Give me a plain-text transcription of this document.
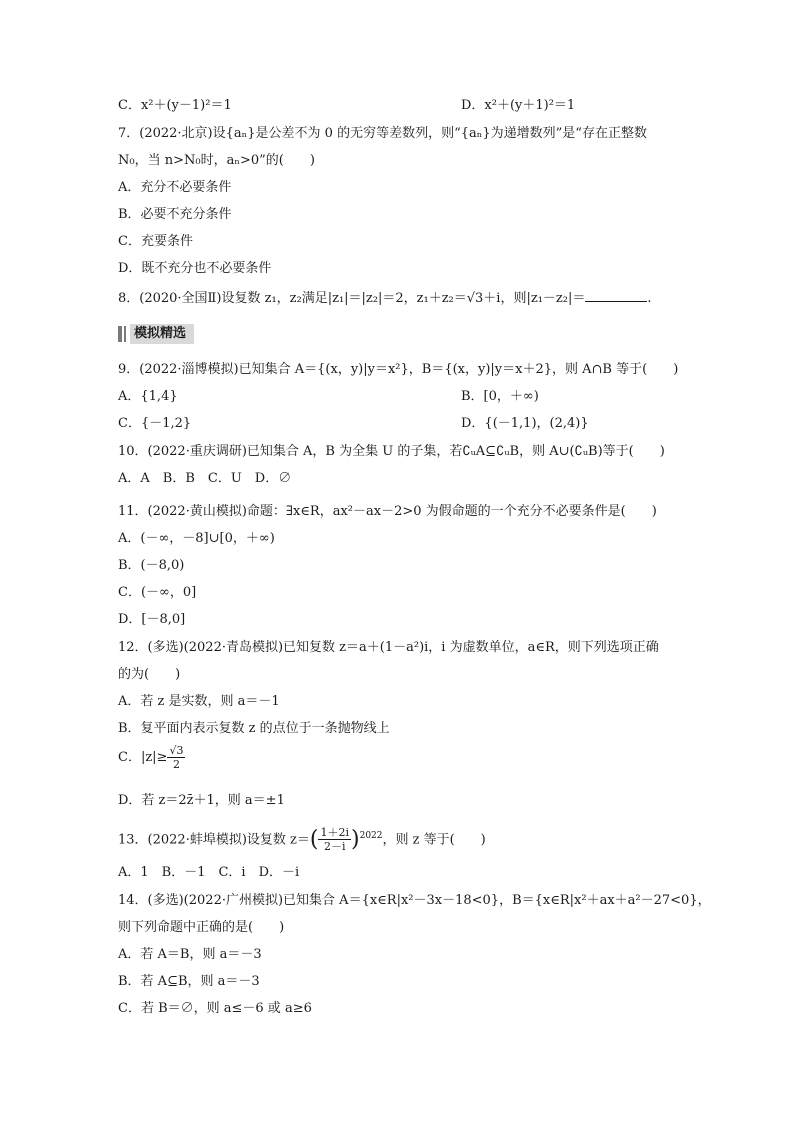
C．x²＋(y－1)²＝1	D．x²＋(y＋1)²＝1
7．(2022·北京)设{aₙ}是公差不为 0 的无穷等差数列，则“{aₙ}为递增数列”是“存在正整数
N₀，当 n>N₀时，aₙ>0”的(　　)
A．充分不必要条件
B．必要不充分条件
C．充要条件
D．既不充分也不必要条件
8．(2020·全国Ⅱ)设复数 z₁，z₂满足|z₁|＝|z₂|＝2，z₁＋z₂＝√3＋i，则|z₁－z₂|＝	.
模拟精选
9．(2022·淄博模拟)已知集合 A＝{(x，y)|y＝x²}，B＝{(x，y)|y＝x＋2}，则 A∩B 等于(　　)
A．{1,4}	B．[0，＋∞)
C．{－1,2}	D．{(－1,1)，(2,4)}
10．(2022·重庆调研)已知集合 A，B 为全集 U 的子集，若∁ᵤA⊆∁ᵤB，则 A∪(∁ᵤB)等于(　　)
A．A　B．B　C．U　D．∅
11．(2022·黄山模拟)命题：∃x∈R，ax²－ax－2>0 为假命题的一个充分不必要条件是(　　)
A．(－∞，－8]∪[0，＋∞)
B．(－8,0)
C．(－∞，0]
D．[－8,0]
12．(多选)(2022·青岛模拟)已知复数 z＝a＋(1－a²)i，i 为虚数单位，a∈R，则下列选项正确
的为(　　)
A．若 z 是实数，则 a＝－1
B．复平面内表示复数 z 的点位于一条抛物线上
C．$|z|\ge \frac{√3}{2}$
D．若 z＝2z̄＋1，则 a＝±1
13．(2022·蚌埠模拟)设复数 $z=( \frac{1+2i}{2-i} )^{2022}$，则 z 等于(　　)
A．1　B．－1　C．i　D．－i
14．(多选)(2022·广州模拟)已知集合 A＝{x∈R|x²－3x－18<0}，B＝{x∈R|x²＋ax＋a²－27<0}，
则下列命题中正确的是(　　)
A．若 A＝B，则 a＝－3
B．若 A⊆B，则 a＝－3
C．若 B＝∅，则 a≤－6 或 a≥6
